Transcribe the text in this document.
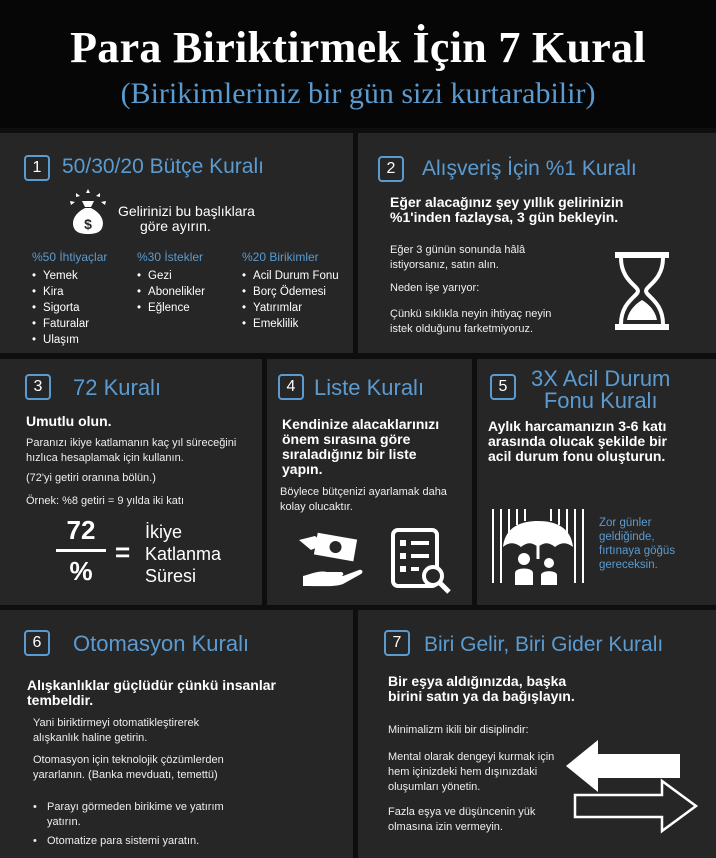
Para Biriktirmek İçin 7 Kural
(Birikimleriniz bir gün sizi kurtarabilir)
1 50/30/20 Bütçe Kuralı
$
Gelirinizi bu başlıklara
göre ayırın.
%50 İhtiyaçlar
• Yemek
• Kira
• Sigorta
• Faturalar
• Ulaşım
%30 İstekler
• Gezi
• Abonelikler
• Eğlence
%20 Birikimler
• Acil Durum Fonu
• Borç Ödemesi
• Yatırımlar
• Emeklilik
2	Alışveriş İçin %1 Kuralı
Eğer alacağınız şey yıllık gelirinizin
%1'inden fazlaysa, 3 gün bekleyin.
Eğer 3 günün sonunda hâlâ
istiyorsanız, satın alın.
Neden işe yarıyor:
Çünkü sıklıkla neyin ihtiyaç neyin
istek olduğunu farketmiyoruz.
3	72 Kuralı
Umutlu olun.
Paranızı ikiye katlamanın kaç yıl süreceğini
hızlıca hesaplamak için kullanın.
(72'yi getiri oranına bölün.)
Örnek: %8 getiri = 9 yılda iki katı
72
%
=
İkiye
Katlanma
Süresi
4 Liste Kuralı
Kendinize alacaklarınızı
önem sırasına göre
sıraladığınız bir liste
yapın.
Böylece bütçenizi ayarlamak daha
kolay olucaktır.
5	3X Acil Durum
Fonu Kuralı
Aylık harcamanızın 3-6 katı
arasında olucak şekilde bir
acil durum fonu oluşturun.
Zor günler
geldiğinde,
fırtınaya göğüs
gereceksin.
6	Otomasyon Kuralı
Alışkanlıklar güçlüdür çünkü insanlar
tembeldir.
Yani biriktirmeyi otomatikleştirerek
alışkanlık haline getirin.
Otomasyon için teknolojik çözümlerden
yararlanın. (Banka mevduatı, temettü)
• Parayı görmeden birikime ve yatırım
yatırın.
• Otomatize para sistemi yaratın.
7	Biri Gelir, Biri Gider Kuralı
Bir eşya aldığınızda, başka
birini satın ya da bağışlayın.
Minimalizm ikili bir disiplindir:
Mental olarak dengeyi kurmak için
hem içinizdeki hem dışınızdaki
oluşumları yönetin.
Fazla eşya ve düşüncenin yük
olmasına izin vermeyin.
